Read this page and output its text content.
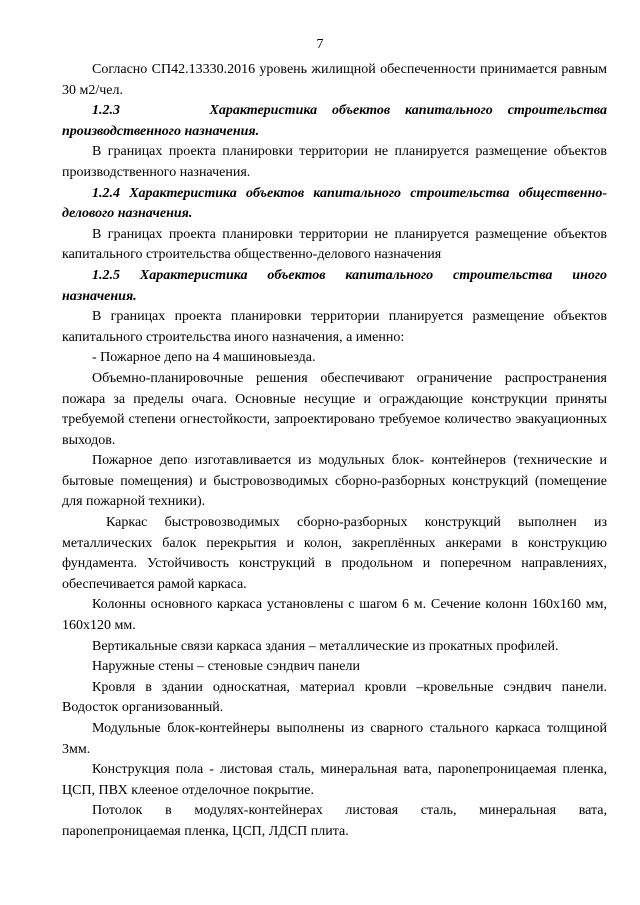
7

Согласно СП42.13330.2016 уровень жилищной обеспеченности принимается равным 30 м2/чел.

1.2.3	Характеристика объектов капитального строительства

производственного назначения.

В границах проекта планировки территории не планируется размещение объектов производственного назначения.

1.2.4 Характеристика объектов капитального строительства общественно-

делового назначения.

В границах проекта планировки территории не планируется размещение объектов капитального строительства общественно-делового назначения

1.2.5 Характеристика объектов капитального строительства иного

назначения.

В границах проекта планировки территории планируется размещение объектов капитального строительства иного назначения, а именно:

- Пожарное депо на 4 машиновыезда.

Объемно-планировочные решения обеспечивают ограничение распространения пожара за пределы очага. Основные несущие и ограждающие конструкции приняты требуемой степени огнестойкости, запроектировано требуемое количество эвакуационных выходов.

Пожарное депо изготавливается из модульных блок- контейнеров (технические и бытовые помещения) и быстровозводимых сборно-разборных конструкций (помещение для пожарной техники).

Каркас быстровозводимых сборно-разборных конструкций выполнен из металлических балок перекрытия и колон, закреплённых анкерами в конструкцию фундамента. Устойчивость конструкций в продольном и поперечном направлениях, обеспечивается рамой каркаса.

Колонны основного каркаса установлены с шагом 6 м. Сечение колонн 160х160 мм, 160х120 мм.

Вертикальные связи каркаса здания – металлические из прокатных профилей.

Наружные стены – стеновые сэндвич панели

Кровля в здании односкатная, материал кровли –кровельные сэндвич панели. Водосток организованный.

Модульные блок-контейнеры выполнены из сварного стального каркаса толщиной 3мм.

Конструкция пола - листовая сталь, минеральная вата, пароnепроницаемая пленка, ЦСП, ПВХ клееное отделочное покрытие.

Потолок в модулях-контейнерах листовая сталь, минеральная вата, пароnепроницаемая пленка, ЦСП, ЛДСП плита.
